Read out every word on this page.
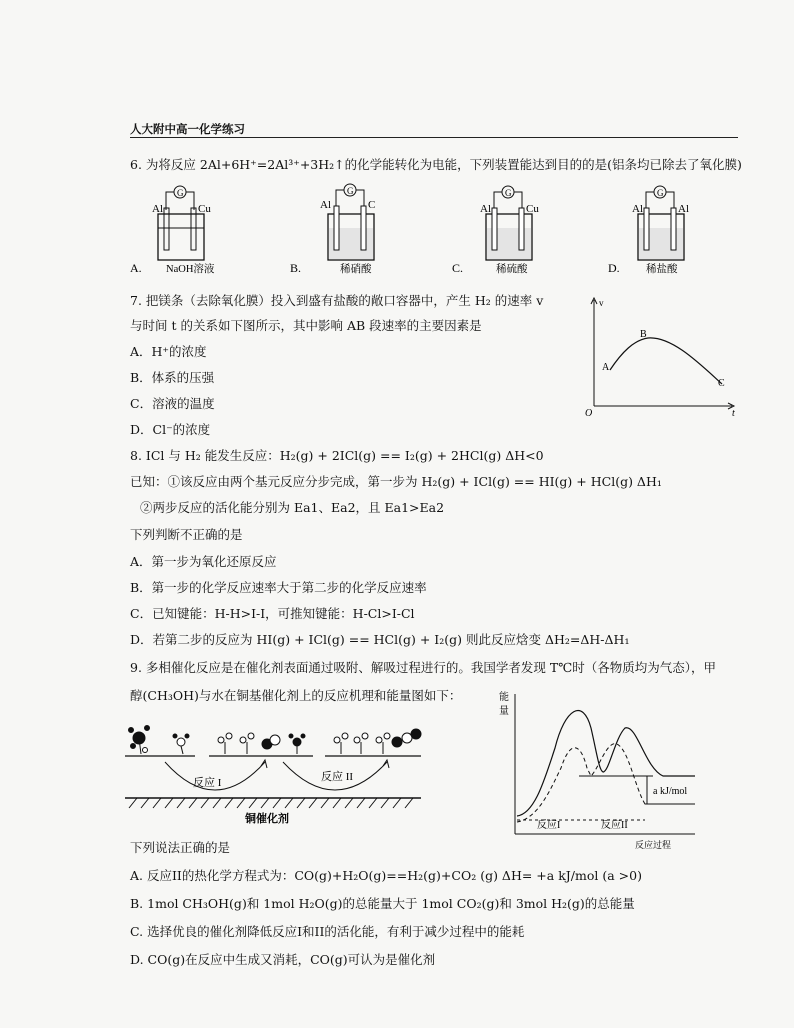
人大附中高一化学练习
6. 为将反应 2Al+6H⁺=2Al³⁺+3H₂↑的化学能转化为电能，下列装置能达到目的的是(铝条均已除去了氧化膜)
A.
G
Al	Cu
NaOH溶液	B.
G
Al	C
稀硝酸	C.
G
Al	Cu
稀硫酸	D.
G
Al	Al
稀盐酸
7. 把镁条（去除氧化膜）投入到盛有盐酸的敞口容器中，产生 H₂ 的速率 v
与时间 t 的关系如下图所示，其中影响 AB 段速率的主要因素是
A．H⁺的浓度
B．体系的压强
C．溶液的温度
D．Cl⁻的浓度
v
t
O
A
B
C
8. ICl 与 H₂ 能发生反应：H₂(g) + 2ICl(g) == I₂(g) + 2HCl(g) ΔH<0
已知：①该反应由两个基元反应分步完成，第一步为 H₂(g) + ICl(g) == HI(g) + HCl(g) ΔH₁
②两步反应的活化能分别为 Ea1、Ea2，且 Ea1>Ea2
下列判断不正确的是
A．第一步为氧化还原反应
B．第一步的化学反应速率大于第二步的化学反应速率
C．已知键能：H-H>I-I，可推知键能：H-Cl>I-Cl
D．若第二步的反应为 HI(g) + ICl(g) == HCl(g) + I₂(g) 则此反应焓变 ΔH₂=ΔH-ΔH₁
9. 多相催化反应是在催化剂表面通过吸附、解吸过程进行的。我国学者发现 T℃时（各物质均为气态），甲
醇(CH₃OH)与水在铜基催化剂上的反应机理和能量图如下：
反应 I	反应 II
铜催化剂
能
量
a kJ/mol
反应I	反应II
反应过程
下列说法正确的是
A. 反应II的热化学方程式为：CO(g)+H₂O(g)==H₂(g)+CO₂ (g) ΔH= +a kJ/mol (a >0)
B. 1mol CH₃OH(g)和 1mol H₂O(g)的总能量大于 1mol CO₂(g)和 3mol H₂(g)的总能量
C. 选择优良的催化剂降低反应I和II的活化能，有利于减少过程中的能耗
D. CO(g)在反应中生成又消耗，CO(g)可认为是催化剂
